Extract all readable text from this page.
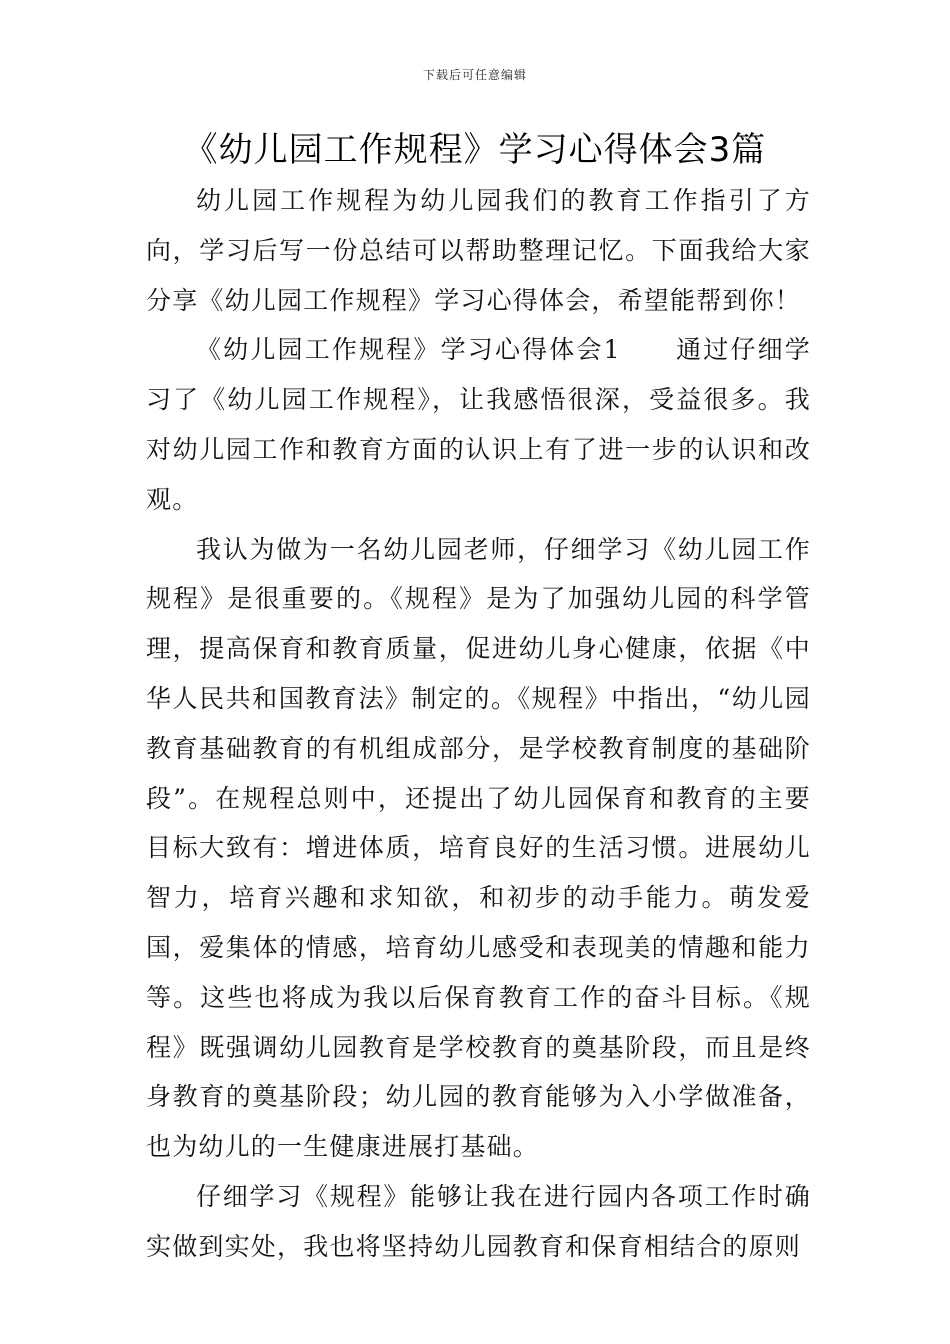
下载后可任意编辑
《幼儿园工作规程》学习心得体会3篇

幼儿园工作规程为幼儿园我们的教育工作指引了方向，学习后写一份总结可以帮助整理记忆。下面我给大家分享《幼儿园工作规程》学习心得体会，希望能帮到你！

《幼儿园工作规程》学习心得体会1　　通过仔细学习了《幼儿园工作规程》，让我感悟很深，受益很多。我对幼儿园工作和教育方面的认识上有了进一步的认识和改观。

我认为做为一名幼儿园老师，仔细学习《幼儿园工作规程》是很重要的。《规程》是为了加强幼儿园的科学管理，提高保育和教育质量，促进幼儿身心健康，依据《中华人民共和国教育法》制定的。《规程》中指出，“幼儿园教育基础教育的有机组成部分，是学校教育制度的基础阶段”。在规程总则中，还提出了幼儿园保育和教育的主要目标大致有：增进体质，培育良好的生活习惯。进展幼儿智力，培育兴趣和求知欲，和初步的动手能力。萌发爱国，爱集体的情感，培育幼儿感受和表现美的情趣和能力等。这些也将成为我以后保育教育工作的奋斗目标。《规程》既强调幼儿园教育是学校教育的奠基阶段，而且是终身教育的奠基阶段；幼儿园的教育能够为入小学做准备，也为幼儿的一生健康进展打基础。

仔细学习《规程》能够让我在进行园内各项工作时确实做到实处，我也将坚持幼儿园教育和保育相结合的原则
